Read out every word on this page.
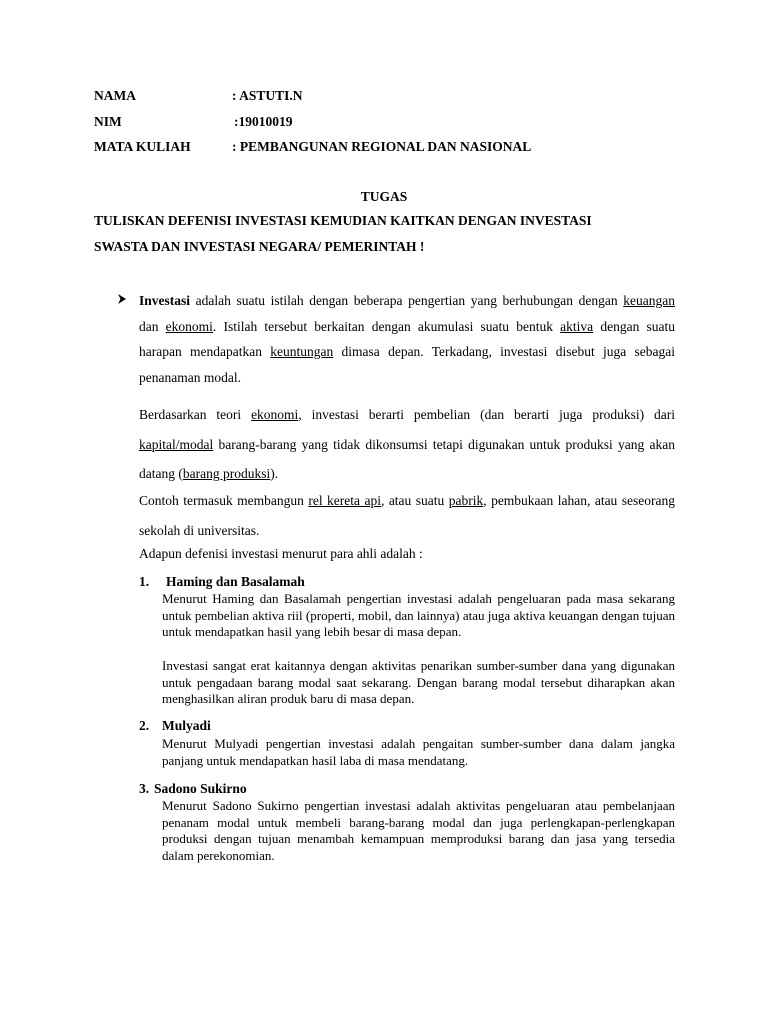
NAMA	: ASTUTI.N
NIM	:19010019
MATA KULIAH	: PEMBANGUNAN REGIONAL DAN NASIONAL
TUGAS
TULISKAN DEFENISI INVESTASI KEMUDIAN KAITKAN DENGAN INVESTASI
SWASTA DAN INVESTASI NEGARA/ PEMERINTAH !
Investasi adalah suatu istilah dengan beberapa pengertian yang berhubungan dengan keuangan dan ekonomi. Istilah tersebut berkaitan dengan akumulasi suatu bentuk aktiva dengan suatu harapan mendapatkan keuntungan dimasa depan. Terkadang, investasi disebut juga sebagai penanaman modal.
Berdasarkan teori ekonomi, investasi berarti pembelian (dan berarti juga produksi) dari kapital/modal barang-barang yang tidak dikonsumsi tetapi digunakan untuk produksi yang akan datang (barang produksi).
Contoh termasuk membangun rel kereta api, atau suatu pabrik, pembukaan lahan, atau seseorang sekolah di universitas.
Adapun defenisi investasi menurut para ahli adalah :
1. Haming dan Basalamah
Menurut Haming dan Basalamah pengertian investasi adalah pengeluaran pada masa sekarang untuk pembelian aktiva riil (properti, mobil, dan lainnya) atau juga aktiva keuangan dengan tujuan untuk mendapatkan hasil yang lebih besar di masa depan.
Investasi sangat erat kaitannya dengan aktivitas penarikan sumber-sumber dana yang digunakan untuk pengadaan barang modal saat sekarang. Dengan barang modal tersebut diharapkan akan menghasilkan aliran produk baru di masa depan.
2. Mulyadi
Menurut Mulyadi pengertian investasi adalah pengaitan sumber-sumber dana dalam jangka panjang untuk mendapatkan hasil laba di masa mendatang.
3. Sadono Sukirno
Menurut Sadono Sukirno pengertian investasi adalah aktivitas pengeluaran atau pembelanjaan penanam modal untuk membeli barang-barang modal dan juga perlengkapan-perlengkapan produksi dengan tujuan menambah kemampuan memproduksi barang dan jasa yang tersedia dalam perekonomian.
